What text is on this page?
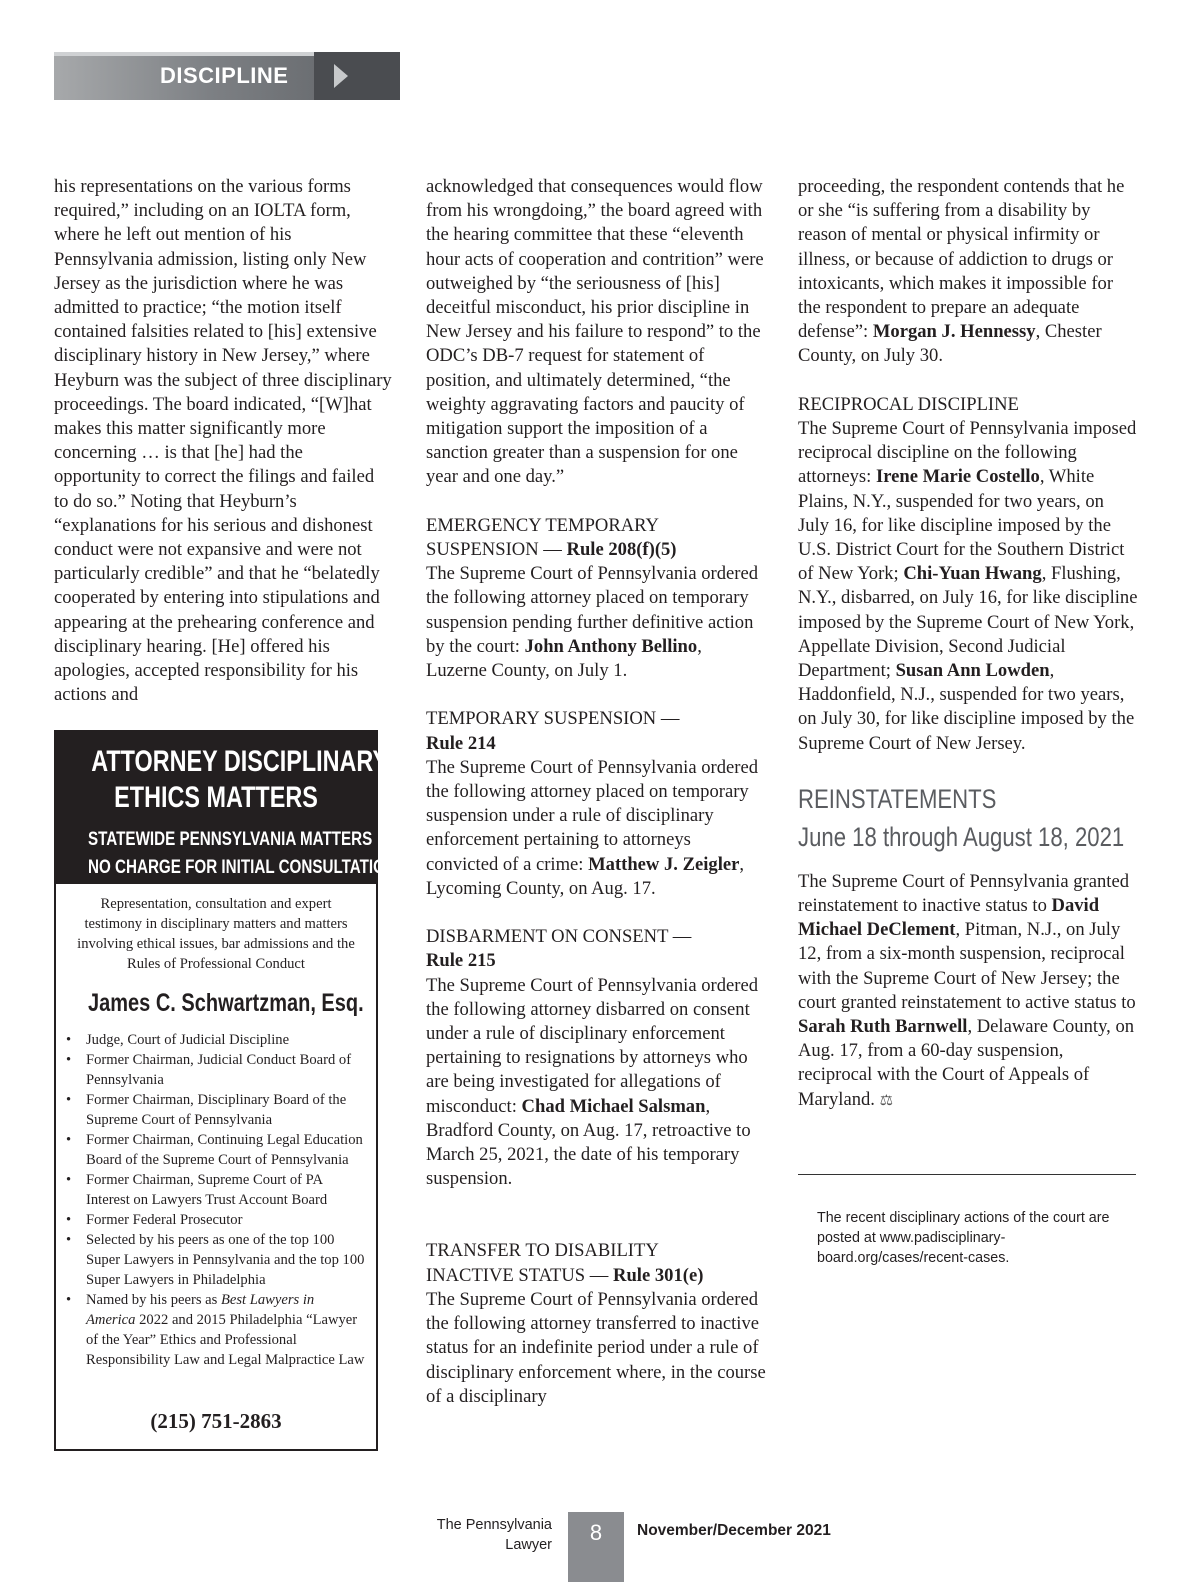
DISCIPLINE

his representations on the various forms required,” including on an IOLTA form, where he left out mention of his Pennsylvania admission, listing only New Jersey as the jurisdiction where he was admitted to practice; “the motion itself contained falsities related to [his] extensive disciplinary history in New Jersey,” where Heyburn was the subject of three disciplinary proceedings. The board indicated, “[W]hat makes this matter significantly more concerning … is that [he] had the opportunity to correct the filings and failed to do so.” Noting that Heyburn’s “explanations for his serious and dishonest conduct were not expansive and were not particularly credible” and that he “belatedly cooperated by entering into stipulations and appearing at the prehearing conference and disciplinary hearing. [He] offered his apologies, accepted responsibility for his actions and

ATTORNEY DISCIPLINARY /
ETHICS MATTERS
STATEWIDE PENNSYLVANIA MATTERS
NO CHARGE FOR INITIAL CONSULTATION
Representation, consultation and expert testimony in disciplinary matters and matters involving ethical issues, bar admissions and the Rules of Professional Conduct
James C. Schwartzman, Esq.
• Judge, Court of Judicial Discipline
• Former Chairman, Judicial Conduct Board of Pennsylvania
• Former Chairman, Disciplinary Board of the Supreme Court of Pennsylvania
• Former Chairman, Continuing Legal Education Board of the Supreme Court of Pennsylvania
• Former Chairman, Supreme Court of PA Interest on Lawyers Trust Account Board
• Former Federal Prosecutor
• Selected by his peers as one of the top 100 Super Lawyers in Pennsylvania and the top 100 Super Lawyers in Philadelphia
• Named by his peers as Best Lawyers in America 2022 and 2015 Philadelphia “Lawyer of the Year” Ethics and Professional Responsibility Law and Legal Malpractice Law
(215) 751-2863

acknowledged that consequences would flow from his wrongdoing,” the board agreed with the hearing committee that these “eleventh hour acts of cooperation and contrition” were outweighed by “the seriousness of [his] deceitful misconduct, his prior discipline in New Jersey and his failure to respond” to the ODC’s DB-7 request for statement of position, and ultimately determined, “the weighty aggravating factors and paucity of mitigation support the imposition of a sanction greater than a suspension for one year and one day.”

EMERGENCY TEMPORARY
SUSPENSION — Rule 208(f)(5)

The Supreme Court of Pennsylvania ordered the following attorney placed on temporary suspension pending further definitive action by the court: John Anthony Bellino, Luzerne County, on July 1.

TEMPORARY SUSPENSION —
Rule 214

The Supreme Court of Pennsylvania ordered the following attorney placed on temporary suspension under a rule of disciplinary enforcement pertaining to attorneys convicted of a crime: Matthew J. Zeigler, Lycoming County, on Aug. 17.

DISBARMENT ON CONSENT —
Rule 215

The Supreme Court of Pennsylvania ordered the following attorney disbarred on consent under a rule of disciplinary enforcement pertaining to resignations by attorneys who are being investigated for allegations of misconduct: Chad Michael Salsman, Bradford County, on Aug. 17, retroactive to March 25, 2021, the date of his temporary suspension.

TRANSFER TO DISABILITY
INACTIVE STATUS — Rule 301(e)

The Supreme Court of Pennsylvania ordered the following attorney transferred to inactive status for an indefinite period under a rule of disciplinary enforcement where, in the course of a disciplinary

proceeding, the respondent contends that he or she “is suffering from a disability by reason of mental or physical infirmity or illness, or because of addiction to drugs or intoxicants, which makes it impossible for the respondent to prepare an adequate defense”: Morgan J. Hennessy, Chester County, on July 30.

RECIPROCAL DISCIPLINE

The Supreme Court of Pennsylvania imposed reciprocal discipline on the following attorneys: Irene Marie Costello, White Plains, N.Y., suspended for two years, on July 16, for like discipline imposed by the U.S. District Court for the Southern District of New York; Chi-Yuan Hwang, Flushing, N.Y., disbarred, on July 16, for like discipline imposed by the Supreme Court of New York, Appellate Division, Second Judicial Department; Susan Ann Lowden, Haddonfield, N.J., suspended for two years, on July 30, for like discipline imposed by the Supreme Court of New Jersey.

REINSTATEMENTS
June 18 through August 18, 2021

The Supreme Court of Pennsylvania granted reinstatement to inactive status to David Michael DeClement, Pitman, N.J., on July 12, from a six-month suspension, reciprocal with the Supreme Court of New Jersey; the court granted reinstatement to active status to Sarah Ruth Barnwell, Delaware County, on Aug. 17, from a 60-day suspension, reciprocal with the Court of Appeals of Maryland. ⚖

The recent disciplinary actions of the court are posted at www.padisciplinary-board.org/cases/recent-cases.
The Pennsylvania
Lawyer	8	November/December 2021
